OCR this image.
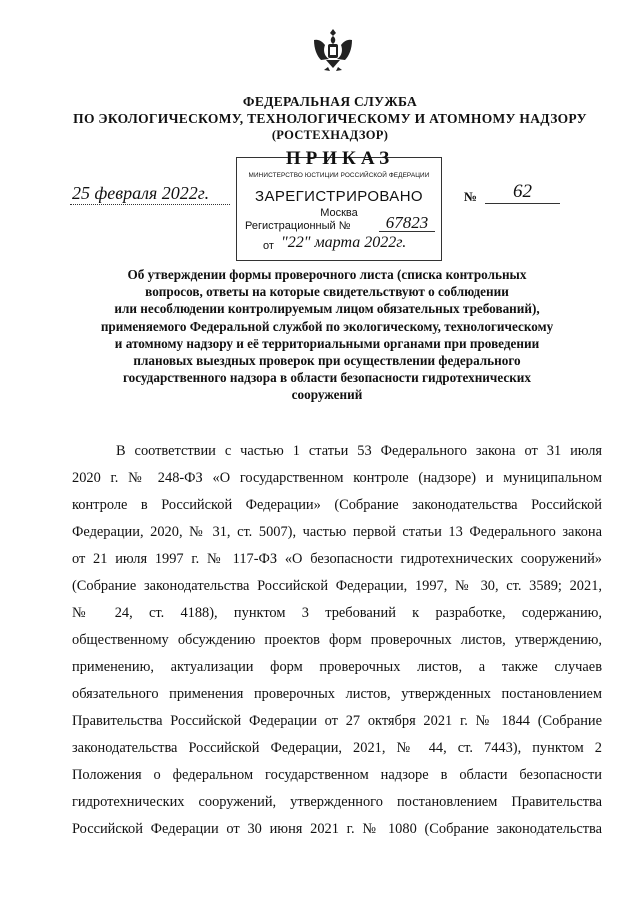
ФЕДЕРАЛЬНАЯ СЛУЖБА
ПО ЭКОЛОГИЧЕСКОМУ, ТЕХНОЛОГИЧЕСКОМУ И АТОМНОМУ НАДЗОРУ
(РОСТЕХНАДЗОР)
МИНИСТЕРСТВО ЮСТИЦИИ РОССИЙСКОЙ ФЕДЕРАЦИИ
ЗАРЕГИСТРИРОВАНО
Москва
Регистрационный №	67823
от "22" марта 2022г.
ПРИКАЗ
25 февраля 2022г.	№	62
Об утверждении формы проверочного листа (списка контрольных
вопросов, ответы на которые свидетельствуют о соблюдении
или несоблюдении контролируемым лицом обязательных требований),
применяемого Федеральной службой по экологическому, технологическому
и атомному надзору и её территориальными органами при проведении
плановых выездных проверок при осуществлении федерального
государственного надзора в области безопасности гидротехнических
сооружений
В соответствии с частью 1 статьи 53 Федерального закона от 31 июля
2020 г. № 248-ФЗ «О государственном контроле (надзоре) и муниципальном
контроле в Российской Федерации» (Собрание законодательства Российской
Федерации, 2020, № 31, ст. 5007), частью первой статьи 13 Федерального закона
от 21 июля 1997 г. № 117-ФЗ «О безопасности гидротехнических сооружений»
(Собрание законодательства Российской Федерации, 1997, № 30, ст. 3589; 2021,
№ 24, ст. 4188), пунктом 3 требований к разработке, содержанию,
общественному обсуждению проектов форм проверочных листов, утверждению,
применению, актуализации форм проверочных листов, а также случаев
обязательного применения проверочных листов, утвержденных постановлением
Правительства Российской Федерации от 27 октября 2021 г. № 1844 (Собрание
законодательства Российской Федерации, 2021, № 44, ст. 7443), пунктом 2
Положения о федеральном государственном надзоре в области безопасности
гидротехнических сооружений, утвержденного постановлением Правительства
Российской Федерации от 30 июня 2021 г. № 1080 (Собрание законодательства
